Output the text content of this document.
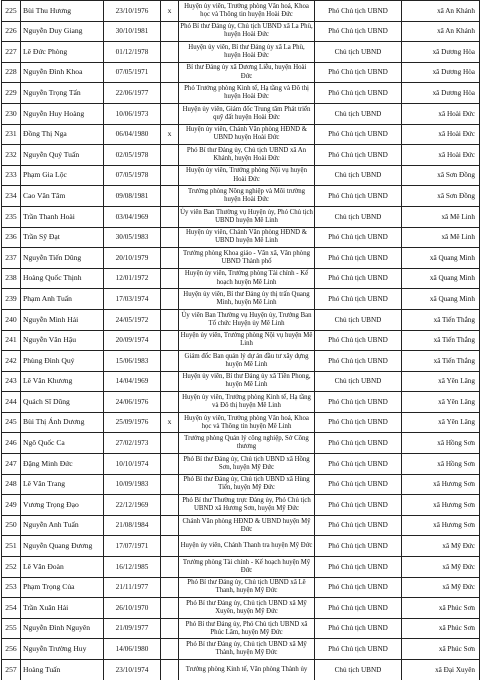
225	Bùi Thu Hương	23/10/1976	x	Huyện ủy viên, Trưởng phòng Văn hoá, Khoa học và Thông tin huyện Hoài Đức	Phó Chủ tịch UBND	xã An Khánh
226	Nguyễn Duy Giang	30/10/1981		Phó Bí thư Đảng ủy, Chủ tịch UBND xã La Phù, huyện Hoài Đức	Phó Chủ tịch UBND	xã An Khánh
227	Lê Đức Phòng	01/12/1978		Huyện ủy viên, Bí thư Đảng ủy xã La Phù, huyện Hoài Đức	Chủ tịch UBND	xã Dương Hòa
228	Nguyễn Đình Khoa	07/05/1971		Bí thư Đảng ủy xã Dương Liễu, huyện Hoài Đức	Phó Chủ tịch UBND	xã Dương Hòa
229	Nguyễn Trọng Tấn	22/06/1977		Phó Trưởng phòng Kinh tế, Hạ tầng và Đô thị huyện Hoài Đức	Phó Chủ tịch UBND	xã Dương Hòa
230	Nguyễn Huy Hoàng	10/06/1973		Huyện ủy viên, Giám đốc Trung tâm Phát triển quỹ đất huyện Hoài Đức	Chủ tịch UBND	xã Hoài Đức
231	Đồng Thị Nga	06/04/1980	x	Huyện ủy viên, Chánh Văn phòng HĐND & UBND huyện Hoài Đức	Phó Chủ tịch UBND	xã Hoài Đức
232	Nguyễn Quý Tuấn	02/05/1978		Phó Bí thư Đảng ủy, Chủ tịch UBND xã An Khánh, huyện Hoài Đức	Phó Chủ tịch UBND	xã Hoài Đức
233	Phạm Gia Lộc	07/05/1978		Huyện ủy viên, Trưởng phòng Nội vụ huyện Hoài Đức	Chủ tịch UBND	xã Sơn Đồng
234	Cao Văn Tâm	09/08/1981		Trưởng phòng Nông nghiệp và Môi trường huyện Hoài Đức	Phó Chủ tịch UBND	xã Sơn Đồng
235	Trần Thanh Hoài	03/04/1969		Ủy viên Ban Thường vụ Huyện ủy, Phó Chủ tịch UBND huyện Mê Linh	Chủ tịch UBND	xã Mê Linh
236	Trần Sỹ Đạt	30/05/1983		Huyện ủy viên, Chánh Văn phòng HĐND & UBND huyện Mê Linh	Phó Chủ tịch UBND	xã Mê Linh
237	Nguyễn Tiến Dũng	20/10/1979		Trưởng phòng Khoa giáo - Văn xã, Văn phòng UBND Thành phố	Phó Chủ tịch UBND	xã Quang Minh
238	Hoàng Quốc Thịnh	12/01/1972		Huyện ủy viên, Trưởng phòng Tài chính - Kế hoạch huyện Mê Linh	Phó Chủ tịch UBND	xã Quang Minh
239	Phạm Anh Tuấn	17/03/1974		Huyện ủy viên, Bí thư Đảng ủy thị trấn Quang Minh, huyện Mê Linh	Phó Chủ tịch UBND	xã Quang Minh
240	Nguyễn Minh Hải	24/05/1972		Ủy viên Ban Thường vụ Huyện ủy, Trưởng Ban Tổ chức Huyện ủy Mê Linh	Chủ tịch UBND	xã Tiến Thắng
241	Nguyễn Văn Hậu	20/09/1974		Huyện ủy viên, Trưởng phòng Nội vụ huyện Mê Linh	Phó Chủ tịch UBND	xã Tiến Thắng
242	Phùng Đình Quý	15/06/1983		Giám đốc Ban quản lý dự án đầu tư xây dựng huyện Mê Linh	Phó Chủ tịch UBND	xã Tiến Thắng
243	Lê Văn Khương	14/04/1969		Huyện ủy viên, Bí thư Đảng ủy xã Tiền Phong, huyện Mê Linh	Chủ tịch UBND	xã Yên Lãng
244	Quách Sĩ Dũng	24/06/1976		Huyện ủy viên, Trưởng phòng Kinh tế, Hạ tầng và Đô thị huyện Mê Linh	Phó Chủ tịch UBND	xã Yên Lãng
245	Bùi Thị Ánh Dương	25/09/1976	x	Huyện ủy viên, Trưởng phòng Văn hoá, Khoa học và Thông tin huyện Mê Linh	Phó Chủ tịch UBND	xã Yên Lãng
246	Ngô Quốc Ca	27/02/1973		Trưởng phòng Quản lý công nghiệp, Sở Công thương	Phó Chủ tịch UBND	xã Hồng Sơn
247	Đặng Minh Đức	10/10/1974		Phó Bí thư Đảng ủy, Chủ tịch UBND xã Hồng Sơn, huyện Mỹ Đức	Phó Chủ tịch UBND	xã Hồng Sơn
248	Lê Văn Trang	10/09/1983		Phó Bí thư Đảng ủy, Chủ tịch UBND xã Hùng Tiến, huyện Mỹ Đức	Phó Chủ tịch UBND	xã Hương Sơn
249	Vương Trọng Đạo	22/12/1969		Phó Bí thư Thường trực Đảng ủy, Phó Chủ tịch UBND xã Hương Sơn, huyện Mỹ Đức	Phó Chủ tịch UBND	xã Hương Sơn
250	Nguyễn Anh Tuấn	21/08/1984		Chánh Văn phòng HĐND & UBND huyện Mỹ Đức	Phó Chủ tịch UBND	xã Hương Sơn
251	Nguyễn Quang Đương	17/07/1971		Huyện ủy viên, Chánh Thanh tra huyện Mỹ Đức	Phó Chủ tịch UBND	xã Mỹ Đức
252	Lê Văn Đoàn	16/12/1985		Trưởng phòng Tài chính - Kế hoạch huyện Mỹ Đức	Phó Chủ tịch UBND	xã Mỹ Đức
253	Phạm Trọng Của	21/11/1977		Phó Bí thư Đảng ủy, Chủ tịch UBND xã Lê Thanh, huyện Mỹ Đức	Phó Chủ tịch UBND	xã Mỹ Đức
254	Trần Xuân Hải	26/10/1970		Phó Bí thư Đảng ủy, Chủ tịch UBND xã Mỹ Xuyên, huyện Mỹ Đức	Phó Chủ tịch UBND	xã Phúc Sơn
255	Nguyễn Đình Nguyên	21/09/1977		Phó Bí thư Đảng ủy, Phó Chủ tịch UBND xã Phúc Lâm, huyện Mỹ Đức	Phó Chủ tịch UBND	xã Phúc Sơn
256	Nguyễn Trường Huy	14/06/1980		Phó Bí thư Đảng ủy, Chủ tịch UBND xã Mỹ Thành, huyện Mỹ Đức	Phó Chủ tịch UBND	xã Phúc Sơn
257	Hoàng Tuấn	23/10/1974		Trưởng phòng Kinh tế, Văn phòng Thành ủy	Chủ tịch UBND	xã Đại Xuyên
